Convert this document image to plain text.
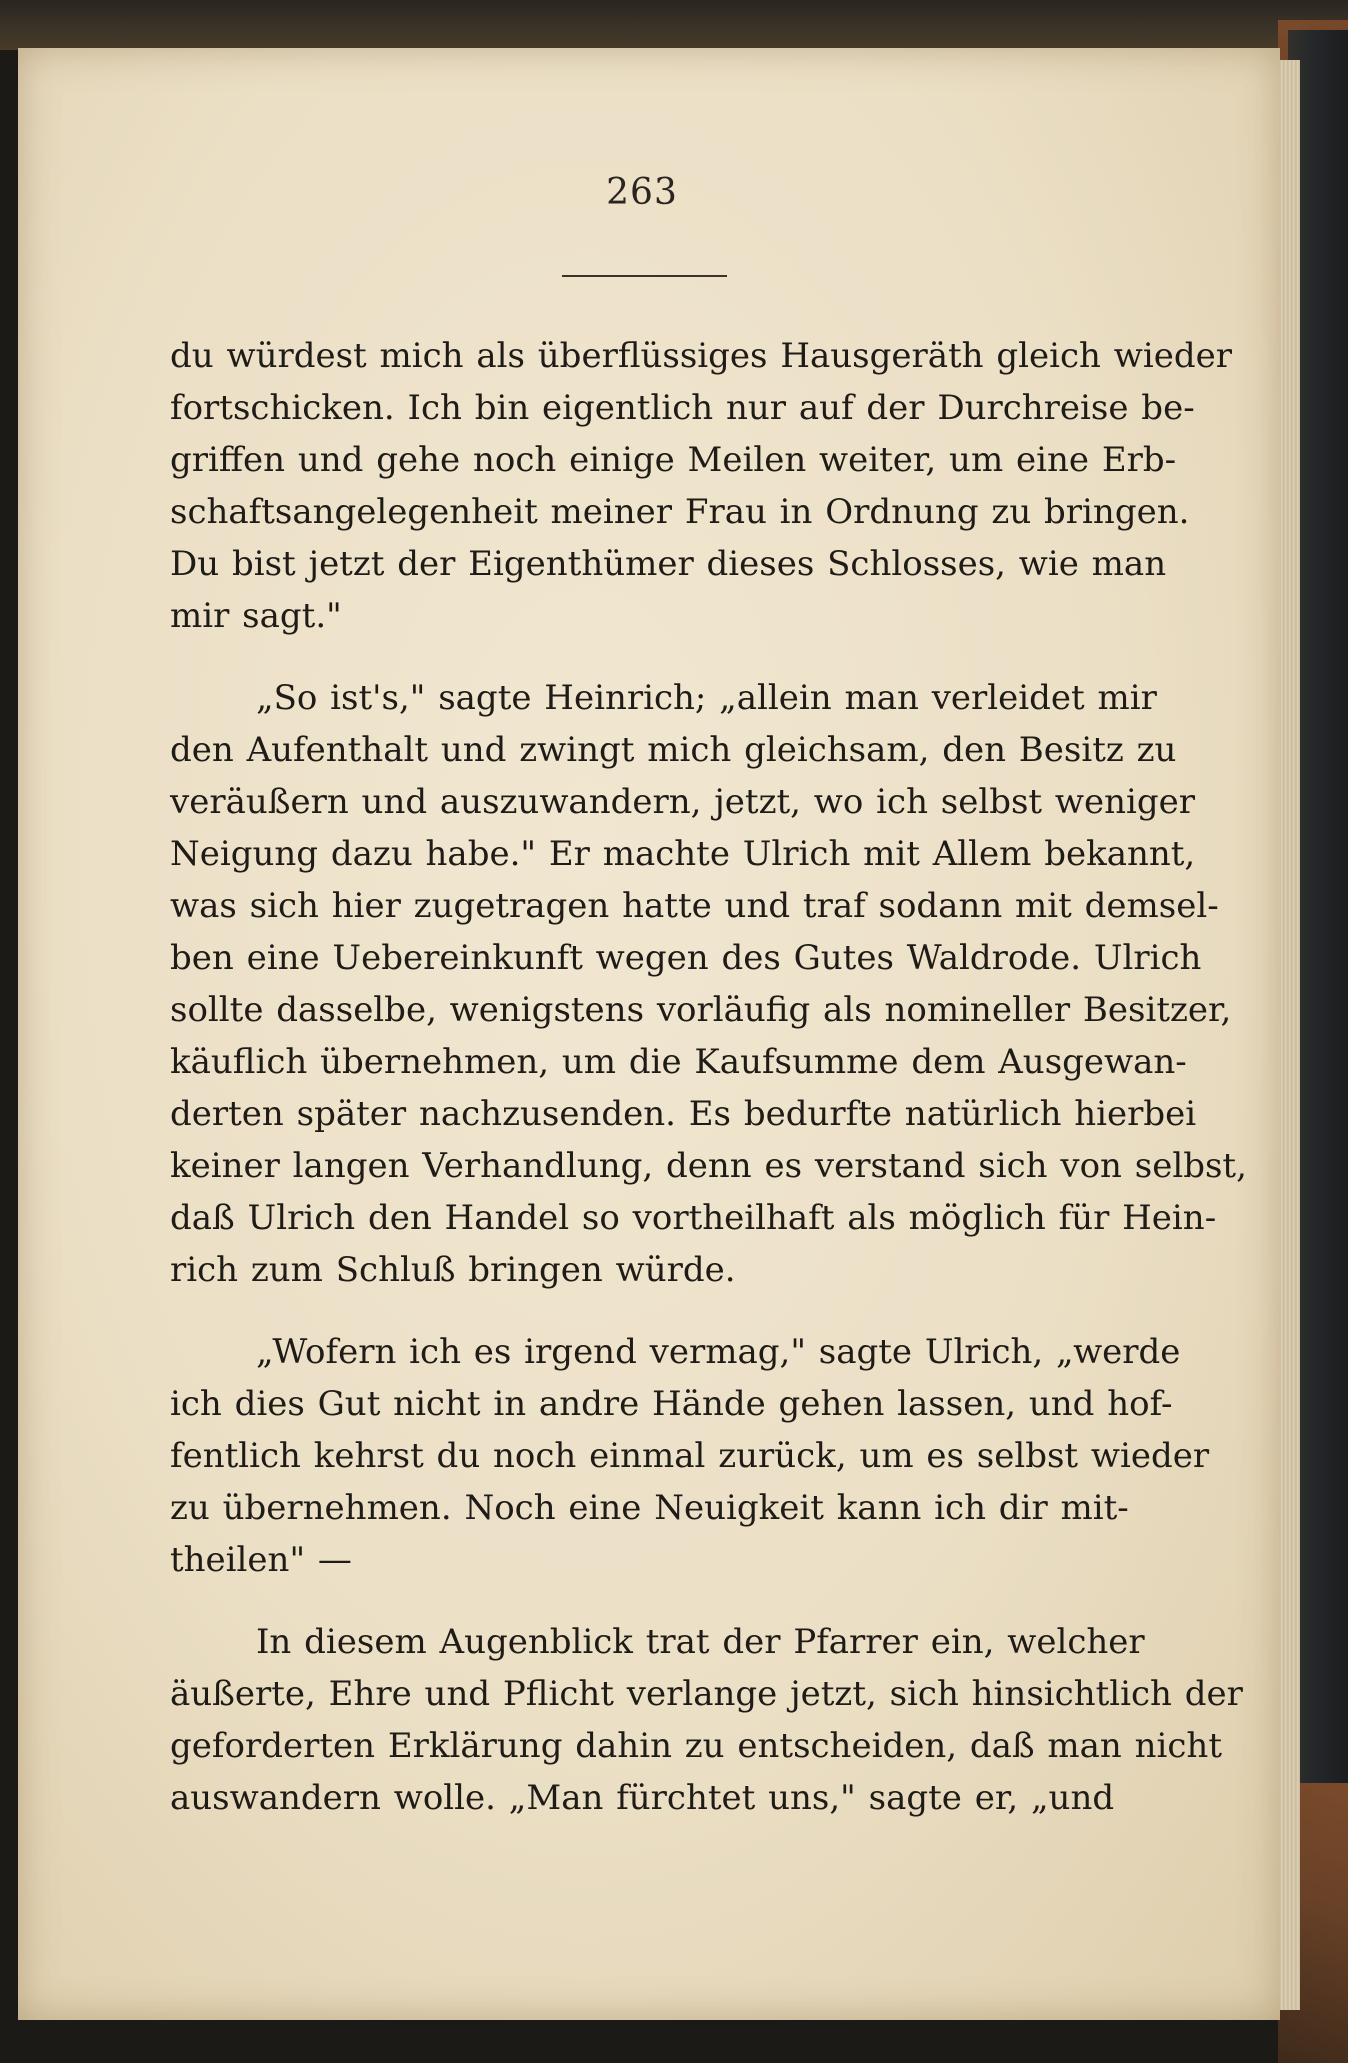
263
du würdest mich als überflüssiges Hausgeräth gleich wieder
fortschicken. Ich bin eigentlich nur auf der Durchreise be-
griffen und gehe noch einige Meilen weiter, um eine Erb-
schaftsangelegenheit meiner Frau in Ordnung zu bringen.
Du bist jetzt der Eigenthümer dieses Schlosses, wie man
mir sagt."
„So ist's," sagte Heinrich; „allein man verleidet mir
den Aufenthalt und zwingt mich gleichsam, den Besitz zu
veräußern und auszuwandern, jetzt, wo ich selbst weniger
Neigung dazu habe." Er machte Ulrich mit Allem bekannt,
was sich hier zugetragen hatte und traf sodann mit demsel-
ben eine Uebereinkunft wegen des Gutes Waldrode. Ulrich
sollte dasselbe, wenigstens vorläufig als nomineller Besitzer,
käuflich übernehmen, um die Kaufsumme dem Ausgewan-
derten später nachzusenden. Es bedurfte natürlich hierbei
keiner langen Verhandlung, denn es verstand sich von selbst,
daß Ulrich den Handel so vortheilhaft als möglich für Hein-
rich zum Schluß bringen würde.
„Wofern ich es irgend vermag," sagte Ulrich, „werde
ich dies Gut nicht in andre Hände gehen lassen, und hof-
fentlich kehrst du noch einmal zurück, um es selbst wieder
zu übernehmen. Noch eine Neuigkeit kann ich dir mit-
theilen" —
In diesem Augenblick trat der Pfarrer ein, welcher
äußerte, Ehre und Pflicht verlange jetzt, sich hinsichtlich der
geforderten Erklärung dahin zu entscheiden, daß man nicht
auswandern wolle. „Man fürchtet uns," sagte er, „und
